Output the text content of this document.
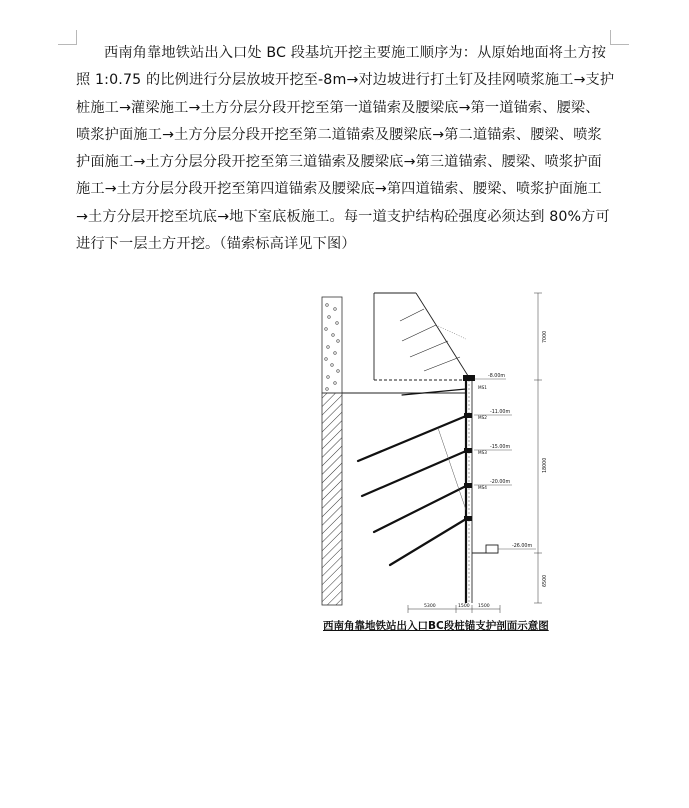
西南角靠地铁站出入口处 BC 段基坑开挖主要施工顺序为：从原始地面将土方按
照 1:0.75 的比例进行分层放坡开挖至-8m→对边坡进行打土钉及挂网喷浆施工→支护
桩施工→灌梁施工→土方分层分段开挖至第一道锚索及腰梁底→第一道锚索、腰梁、
喷浆护面施工→土方分层分段开挖至第二道锚索及腰梁底→第二道锚索、腰梁、喷浆
护面施工→土方分层分段开挖至第三道锚索及腰梁底→第三道锚索、腰梁、喷浆护面
施工→土方分层分段开挖至第四道锚索及腰梁底→第四道锚索、腰梁、喷浆护面施工
→土方分层开挖至坑底→地下室底板施工。每一道支护结构砼强度必须达到 80%方可
进行下一层土方开挖。（锚索标高详见下图）
-8.00m
-11.00m
-15.00m
-20.00m
-26.00m
MS1
MS2
MS3
MS4
7000
18000
6500
5300	1500 1500
西南角靠地铁站出入口BC段桩锚支护剖面示意图
